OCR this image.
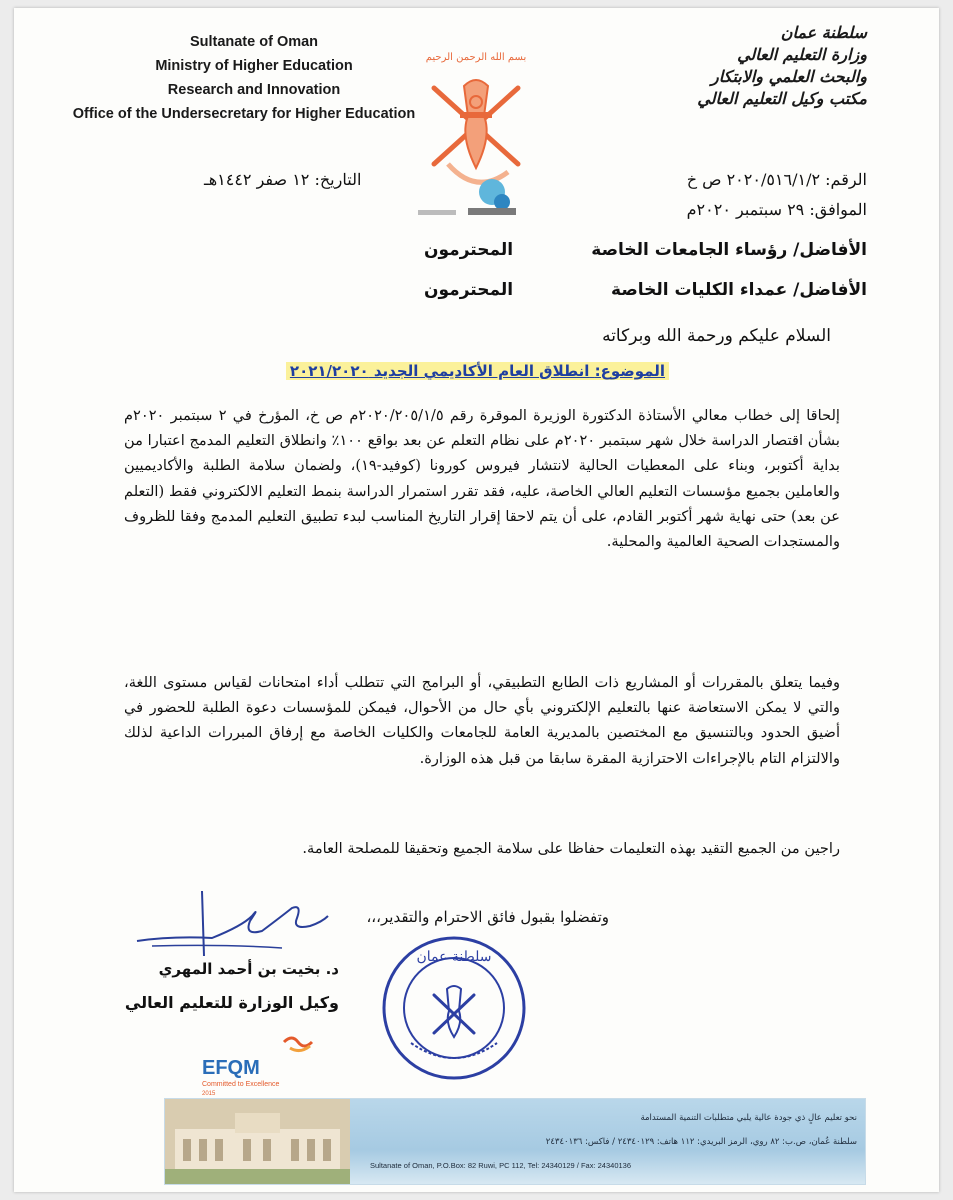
Sultanate of Oman
Ministry of Higher Education
Research and Innovation
Office of the Undersecretary for Higher Education
سلطنة عمان
وزارة التعليم العالي
والبحث العلمي والابتكار
مكتب وكيل التعليم العالي
بسم الله الرحمن الرحيم
التاريخ: ١٢ صفر ١٤٤٢هـ	الرقم: ٢٠٢٠/٥١٦/١/٢ ص خ
الموافق: ٢٩ سبتمبر ٢٠٢٠م
الأفاضل/ رؤساء الجامعات الخاصة
المحترمون
الأفاضل/ عمداء الكليات الخاصة
المحترمون
السلام عليكم ورحمة الله وبركاته
الموضوع: انطلاق العام الأكاديمي الجديد ٢٠٢١/٢٠٢٠
إلحاقا إلى خطاب معالي الأستاذة الدكتورة الوزيرة الموقرة رقم ٢٠٢٠/٢٠٥/١/٥م ص خ، المؤرخ في ٢ سبتمبر ٢٠٢٠م بشأن اقتصار الدراسة خلال شهر سبتمبر ٢٠٢٠م على نظام التعلم عن بعد بواقع ١٠٠٪ وانطلاق التعليم المدمج اعتبارا من بداية أكتوبر، وبناء على المعطيات الحالية لانتشار فيروس كورونا (كوفيد-١٩)، ولضمان سلامة الطلبة والأكاديميين والعاملين بجميع مؤسسات التعليم العالي الخاصة، عليه، فقد تقرر استمرار الدراسة بنمط التعليم الالكتروني فقط (التعلم عن بعد) حتى نهاية شهر أكتوبر القادم، على أن يتم لاحقا إقرار التاريخ المناسب لبدء تطبيق التعليم المدمج وفقا للظروف والمستجدات الصحية العالمية والمحلية.
وفيما يتعلق بالمقررات أو المشاريع ذات الطابع التطبيقي، أو البرامج التي تتطلب أداء امتحانات لقياس مستوى اللغة، والتي لا يمكن الاستعاضة عنها بالتعليم الإلكتروني بأي حال من الأحوال، فيمكن للمؤسسات دعوة الطلبة للحضور في أضيق الحدود وبالتنسيق مع المختصين بالمديرية العامة للجامعات والكليات الخاصة مع إرفاق المبررات الداعية لذلك والالتزام التام بالإجراءات الاحترازية المقرة سابقا من قبل هذه الوزارة.
راجين من الجميع التقيد بهذه التعليمات حفاظا على سلامة الجميع وتحقيقا للمصلحة العامة.
وتفضلوا بقبول فائق الاحترام والتقدير،،،
د. بخيت بن أحمد المهري
وكيل الوزارة للتعليم العالي
سلطنة عمان
EFQM
Committed to Excellence
2015
نحو تعليم عالٍ ذي جودة عالية يلبي متطلبات التنمية المستدامة
سلطنة عُمان، ص.ب: ٨٢ روي، الرمز البريدي: ١١٢ هاتف: ٢٤٣٤٠١٢٩ / فاكس: ٢٤٣٤٠١٣٦
Sultanate of Oman, P.O.Box: 82 Ruwi, PC 112, Tel: 24340129 / Fax: 24340136
